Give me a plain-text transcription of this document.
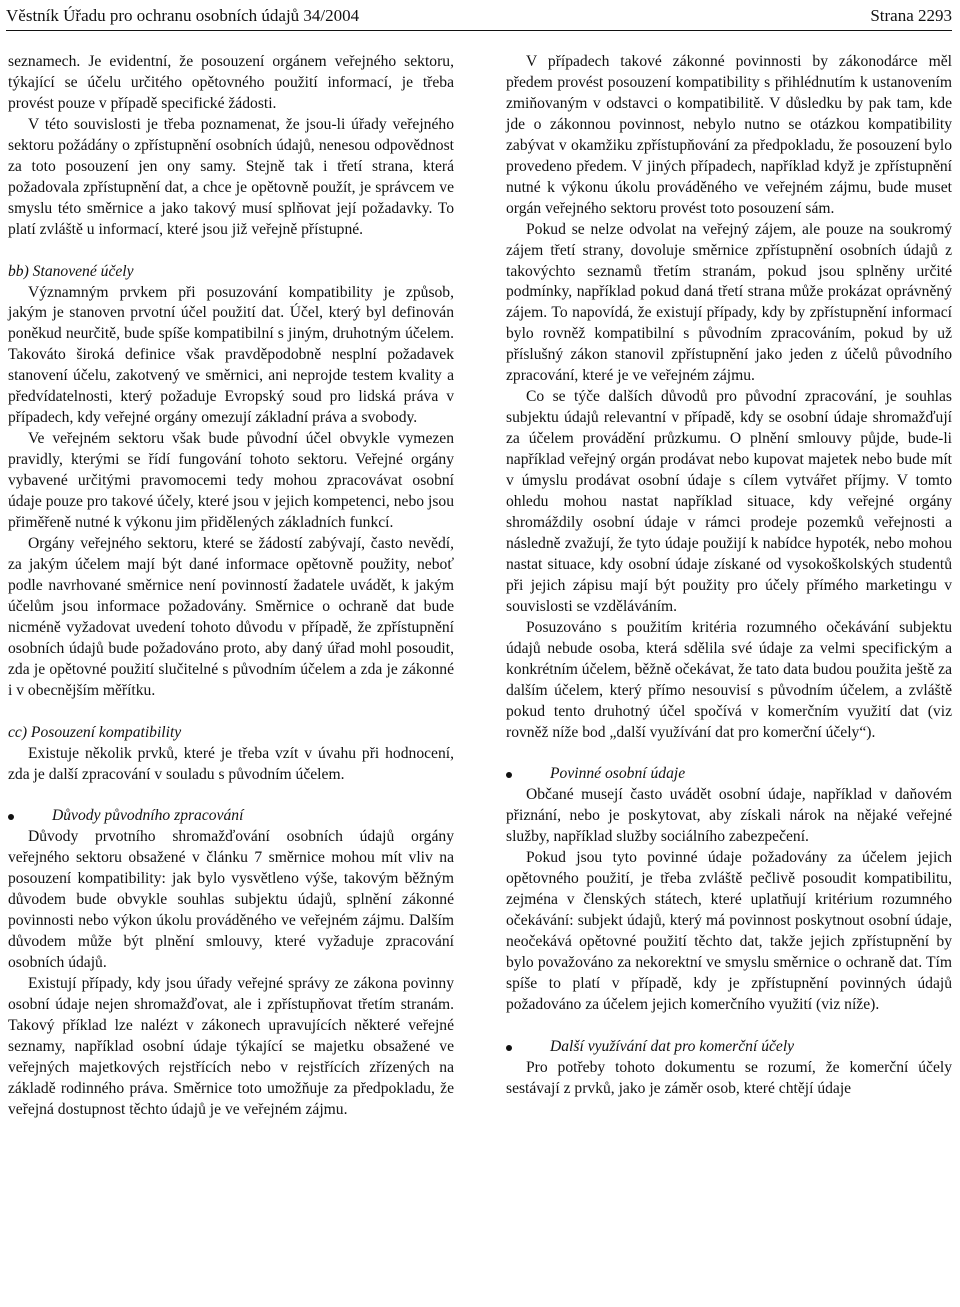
Věstník Úřadu pro ochranu osobních údajů 34/2004	Strana 2293

seznamech. Je evidentní, že posouzení orgánem veřejného sektoru, týkající se účelu určitého opětovného použití informací, je třeba provést pouze v případě specifické žádosti.

V této souvislosti je třeba poznamenat, že jsou-li úřady veřejného sektoru požádány o zpřístupnění osobních údajů, nenesou odpovědnost za toto posouzení jen ony samy. Stejně tak i třetí strana, která požadovala zpřístupnění dat, a chce je opětovně použít, je správcem ve smyslu této směrnice a jako takový musí splňovat její požadavky. To platí zvláště u informací, které jsou již veřejně přístupné.

bb) Stanovené účely

Významným prvkem při posuzování kompatibility je způsob, jakým je stanoven prvotní účel použití dat. Účel, který byl definován poněkud neurčitě, bude spíše kompatibilní s jiným, druhotným účelem. Takováto široká definice však pravděpodobně nesplní požadavek stanovení účelu, zakotvený ve směrnici, ani neprojde testem kvality a předvídatelnosti, který požaduje Evropský soud pro lidská práva v případech, kdy veřejné orgány omezují základní práva a svobody.

Ve veřejném sektoru však bude původní účel obvykle vymezen pravidly, kterými se řídí fungování tohoto sektoru. Veřejné orgány vybavené určitými pravomocemi tedy mohou zpracovávat osobní údaje pouze pro takové účely, které jsou v jejich kompetenci, nebo jsou přiměřeně nutné k výkonu jim přidělených základních funkcí.

Orgány veřejného sektoru, které se žádostí zabývají, často nevědí, za jakým účelem mají být dané informace opětovně použity, neboť podle navrhované směrnice není povinností žadatele uvádět, k jakým účelům jsou informace požadovány. Směrnice o ochraně dat bude nicméně vyžadovat uvedení tohoto důvodu v případě, že zpřístupnění osobních údajů bude požadováno proto, aby daný úřad mohl posoudit, zda je opětovné použití slučitelné s původním účelem a zda je zákonné i v obecnějším měřítku.

cc) Posouzení kompatibility

Existuje několik prvků, které je třeba vzít v úvahu při hodnocení, zda je další zpracování v souladu s původním účelem.

Důvody původního zpracování

Důvody prvotního shromažďování osobních údajů orgány veřejného sektoru obsažené v článku 7 směrnice mohou mít vliv na posouzení kompatibility: jak bylo vysvětleno výše, takovým běžným důvodem bude obvykle souhlas subjektu údajů, splnění zákonné povinnosti nebo výkon úkolu prováděného ve veřejném zájmu. Dalším důvodem může být plnění smlouvy, které vyžaduje zpracování osobních údajů.

Existují případy, kdy jsou úřady veřejné správy ze zákona povinny osobní údaje nejen shromažďovat, ale i zpřístupňovat třetím stranám. Takový příklad lze nalézt v zákonech upravujících některé veřejné seznamy, například osobní údaje týkající se majetku obsažené ve veřejných majetkových rejstřících nebo v rejstřících zřízených na základě rodinného práva. Směrnice toto umožňuje za předpokladu, že veřejná dostupnost těchto údajů je ve veřejném zájmu.

V případech takové zákonné povinnosti by zákonodárce měl předem provést posouzení kompatibility s přihlédnutím k ustanovením zmiňovaným v odstavci o kompatibilitě. V důsledku by pak tam, kde jde o zákonnou povinnost, nebylo nutno se otázkou kompatibility zabývat v okamžiku zpřístupňování za předpokladu, že posouzení bylo provedeno předem. V jiných případech, například když je zpřístupnění nutné k výkonu úkolu prováděného ve veřejném zájmu, bude muset orgán veřejného sektoru provést toto posouzení sám.

Pokud se nelze odvolat na veřejný zájem, ale pouze na soukromý zájem třetí strany, dovoluje směrnice zpřístupnění osobních údajů z takovýchto seznamů třetím stranám, pokud jsou splněny určité podmínky, například pokud daná třetí strana může prokázat oprávněný zájem. To napovídá, že existují případy, kdy by zpřístupnění informací bylo rovněž kompatibilní s původním zpracováním, pokud by už příslušný zákon stanovil zpřístupnění jako jeden z účelů původního zpracování, které je ve veřejném zájmu.

Co se týče dalších důvodů pro původní zpracování, je souhlas subjektu údajů relevantní v případě, kdy se osobní údaje shromažďují za účelem provádění průzkumu. O plnění smlouvy půjde, bude-li například veřejný orgán prodávat nebo kupovat majetek nebo bude mít v úmyslu prodávat osobní údaje s cílem vytvářet příjmy. V tomto ohledu mohou nastat například situace, kdy veřejné orgány shromáždily osobní údaje v rámci prodeje pozemků veřejnosti a následně zvažují, že tyto údaje použijí k nabídce hypoték, nebo mohou nastat situace, kdy osobní údaje získané od vysokoškolských studentů při jejich zápisu mají být použity pro účely přímého marketingu v souvislosti se vzděláváním.

Posuzováno s použitím kritéria rozumného očekávání subjektu údajů nebude osoba, která sdělila své údaje za velmi specifickým a konkrétním účelem, běžně očekávat, že tato data budou použita ještě za dalším účelem, který přímo nesouvisí s původním účelem, a zvláště pokud tento druhotný účel spočívá v komerčním využití dat (viz rovněž níže bod „další využívání dat pro komerční účely“).

Povinné osobní údaje

Občané musejí často uvádět osobní údaje, například v daňovém přiznání, nebo je poskytovat, aby získali nárok na nějaké veřejné služby, například služby sociálního zabezpečení.

Pokud jsou tyto povinné údaje požadovány za účelem jejich opětovného použití, je třeba zvláště pečlivě posoudit kompatibilitu, zejména v členských státech, které uplatňují kritérium rozumného očekávání: subjekt údajů, který má povinnost poskytnout osobní údaje, neočekává opětovné použití těchto dat, takže jejich zpřístupnění by bylo považováno za nekorektní ve smyslu směrnice o ochraně dat. Tím spíše to platí v případě, kdy je zpřístupnění povinných údajů požadováno za účelem jejich komerčního využití (viz níže).

Další využívání dat pro komerční účely

Pro potřeby tohoto dokumentu se rozumí, že komerční účely sestávají z prvků, jako je záměr osob, které chtějí údaje
